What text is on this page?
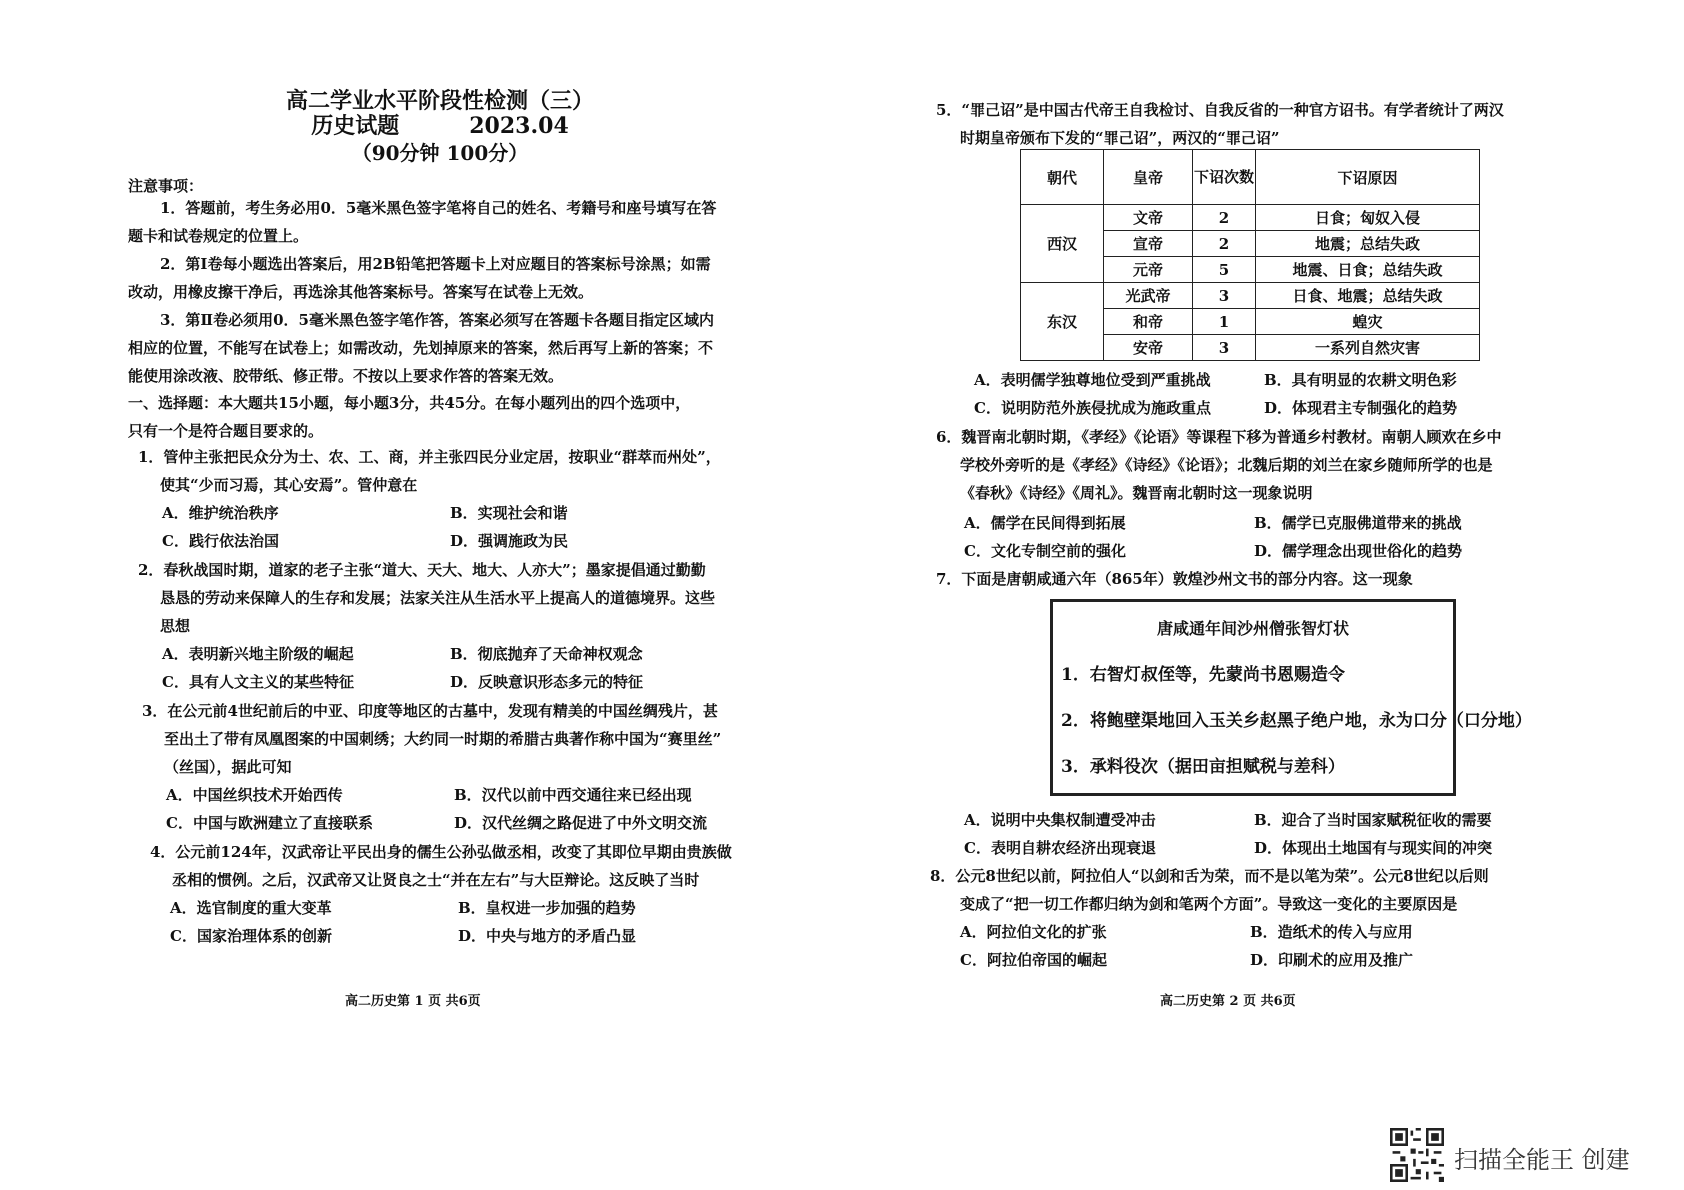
高二学业水平阶段性检测（三）
历史试题	2023.04
（90分钟 100分）
注意事项：
1．答题前，考生务必用0．5毫米黑色签字笔将自己的姓名、考籍号和座号填写在答
题卡和试卷规定的位置上。
2．第Ⅰ卷每小题选出答案后，用2B铅笔把答题卡上对应题目的答案标号涂黑；如需
改动，用橡皮擦干净后，再选涂其他答案标号。答案写在试卷上无效。
3．第Ⅱ卷必须用0．5毫米黑色签字笔作答，答案必须写在答题卡各题目指定区域内
相应的位置，不能写在试卷上；如需改动，先划掉原来的答案，然后再写上新的答案；不
能使用涂改液、胶带纸、修正带。不按以上要求作答的答案无效。
一、选择题：本大题共15小题，每小题3分，共45分。在每小题列出的四个选项中，
只有一个是符合题目要求的。
1．管仲主张把民众分为士、农、工、商，并主张四民分业定居，按职业“群萃而州处”，
使其“少而习焉，其心安焉”。管仲意在
A．维护统治秩序	B．实现社会和谐
C．践行依法治国	D．强调施政为民
2．春秋战国时期，道家的老子主张“道大、天大、地大、人亦大”；墨家提倡通过勤勤
恳恳的劳动来保障人的生存和发展；法家关注从生活水平上提高人的道德境界。这些
思想
A．表明新兴地主阶级的崛起	B．彻底抛弃了天命神权观念
C．具有人文主义的某些特征	D．反映意识形态多元的特征
3．在公元前4世纪前后的中亚、印度等地区的古墓中，发现有精美的中国丝绸残片，甚
至出土了带有凤凰图案的中国刺绣；大约同一时期的希腊古典著作称中国为“赛里丝”
（丝国），据此可知
A．中国丝织技术开始西传	B．汉代以前中西交通往来已经出现
C．中国与欧洲建立了直接联系	D．汉代丝绸之路促进了中外文明交流
4．公元前124年，汉武帝让平民出身的儒生公孙弘做丞相，改变了其即位早期由贵族做
丞相的惯例。之后，汉武帝又让贤良之士“并在左右”与大臣辩论。这反映了当时
A．选官制度的重大变革	B．皇权进一步加强的趋势
C．国家治理体系的创新	D．中央与地方的矛盾凸显
高二历史第 1 页 共6页
5．“罪己诏”是中国古代帝王自我检讨、自我反省的一种官方诏书。有学者统计了两汉
时期皇帝颁布下发的“罪己诏”，两汉的“罪己诏”
朝代	皇帝	下诏次数	下诏原因
西汉	文帝	2	日食；匈奴入侵
	宣帝	2	地震；总结失政
	元帝	5	地震、日食；总结失政
东汉	光武帝	3	日食、地震；总结失政
	和帝	1	蝗灾
	安帝	3	一系列自然灾害
A．表明儒学独尊地位受到严重挑战	B．具有明显的农耕文明色彩
C．说明防范外族侵扰成为施政重点	D．体现君主专制强化的趋势
6．魏晋南北朝时期，《孝经》《论语》等课程下移为普通乡村教材。南朝人顾欢在乡中
学校外旁听的是《孝经》《诗经》《论语》；北魏后期的刘兰在家乡随师所学的也是
《春秋》《诗经》《周礼》。魏晋南北朝时这一现象说明
A．儒学在民间得到拓展	B．儒学已克服佛道带来的挑战
C．文化专制空前的强化	D．儒学理念出现世俗化的趋势
7．下面是唐朝咸通六年（865年）敦煌沙州文书的部分内容。这一现象
唐咸通年间沙州僧张智灯状
1．右智灯叔侄等，先蒙尚书恩赐造令
2．将鲍壁渠地回入玉关乡赵黑子绝户地，永为口分（口分地）
3．承料役次（据田亩担赋税与差科）
A．说明中央集权制遭受冲击	B．迎合了当时国家赋税征收的需要
C．表明自耕农经济出现衰退	D．体现出土地国有与现实间的冲突
8．公元8世纪以前，阿拉伯人“以剑和舌为荣，而不是以笔为荣”。公元8世纪以后则
变成了“把一切工作都归纳为剑和笔两个方面”。导致这一变化的主要原因是
A．阿拉伯文化的扩张	B．造纸术的传入与应用
C．阿拉伯帝国的崛起	D．印刷术的应用及推广
高二历史第 2 页 共6页
扫描全能王 创建
